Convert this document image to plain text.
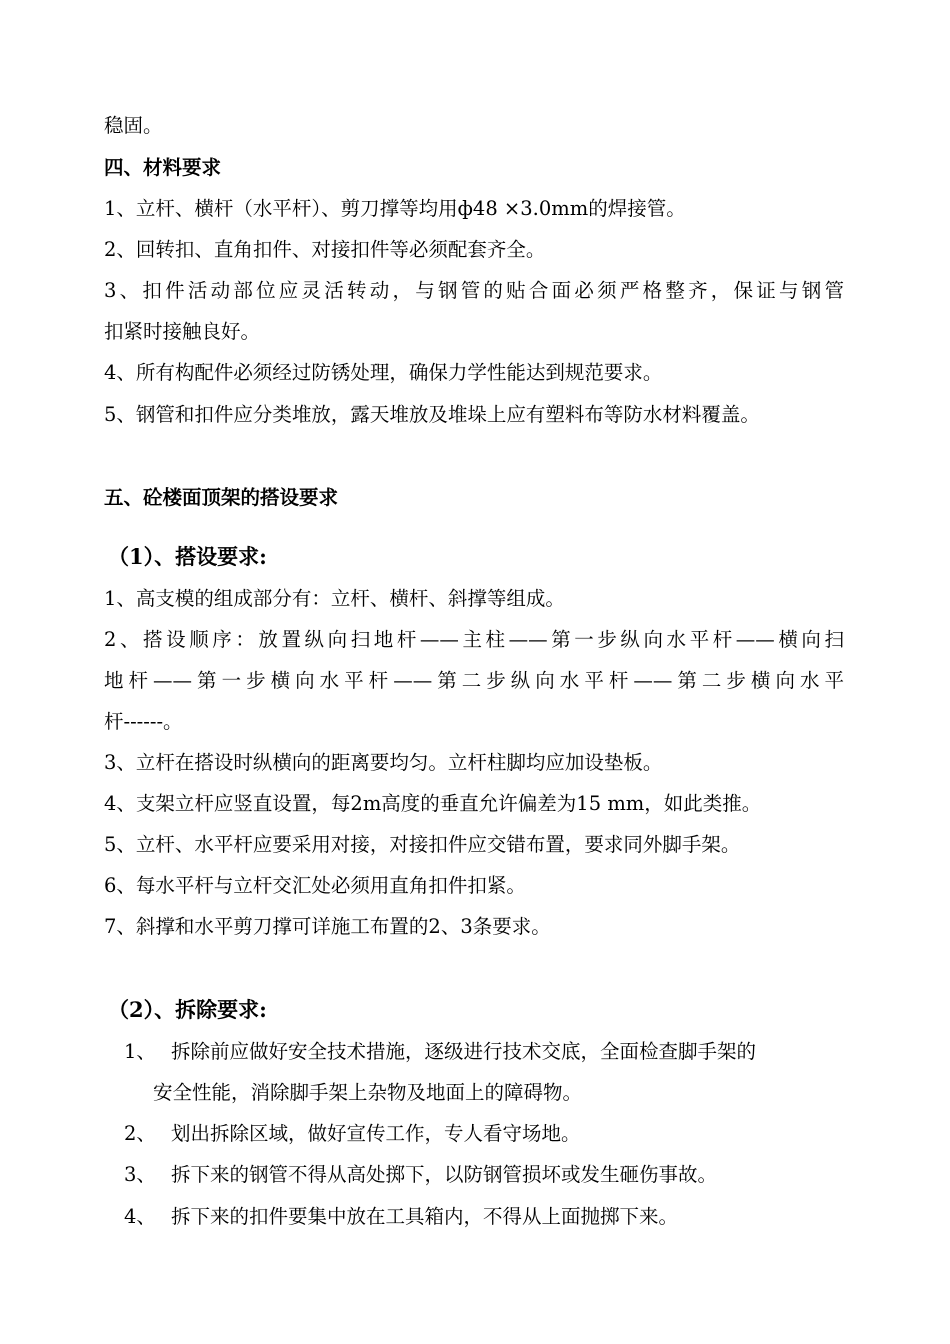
稳固。
四、材料要求
1、立杆、横杆（水平杆）、剪刀撑等均用ф48 ×3.0mm的焊接管。
2、回转扣、直角扣件、对接扣件等必须配套齐全。
3、扣件活动部位应灵活转动，与钢管的贴合面必须严格整齐，保证与钢管
扣紧时接触良好。
4、所有构配件必须经过防锈处理，确保力学性能达到规范要求。
5、钢管和扣件应分类堆放，露天堆放及堆垛上应有塑料布等防水材料覆盖。
五、砼楼面顶架的搭设要求
（1）、搭设要求:
1、高支模的组成部分有：立杆、横杆、斜撑等组成。
2、搭设顺序：放置纵向扫地杆——主柱——第一步纵向水平杆——横向扫
地杆——第一步横向水平杆——第二步纵向水平杆——第二步横向水平
杆------。
3、立杆在搭设时纵横向的距离要均匀。立杆柱脚均应加设垫板。
4、支架立杆应竖直设置，每2m高度的垂直允许偏差为15 mm，如此类推。
5、立杆、水平杆应要采用对接，对接扣件应交错布置，要求同外脚手架。
6、每水平杆与立杆交汇处必须用直角扣件扣紧。
7、斜撑和水平剪刀撑可详施工布置的2、3条要求。
（2）、拆除要求:
1、 拆除前应做好安全技术措施，逐级进行技术交底，全面检查脚手架的
安全性能，消除脚手架上杂物及地面上的障碍物。
2、 划出拆除区域，做好宣传工作，专人看守场地。
3、 拆下来的钢管不得从高处掷下，以防钢管损坏或发生砸伤事故。
4、 拆下来的扣件要集中放在工具箱内，不得从上面抛掷下来。
